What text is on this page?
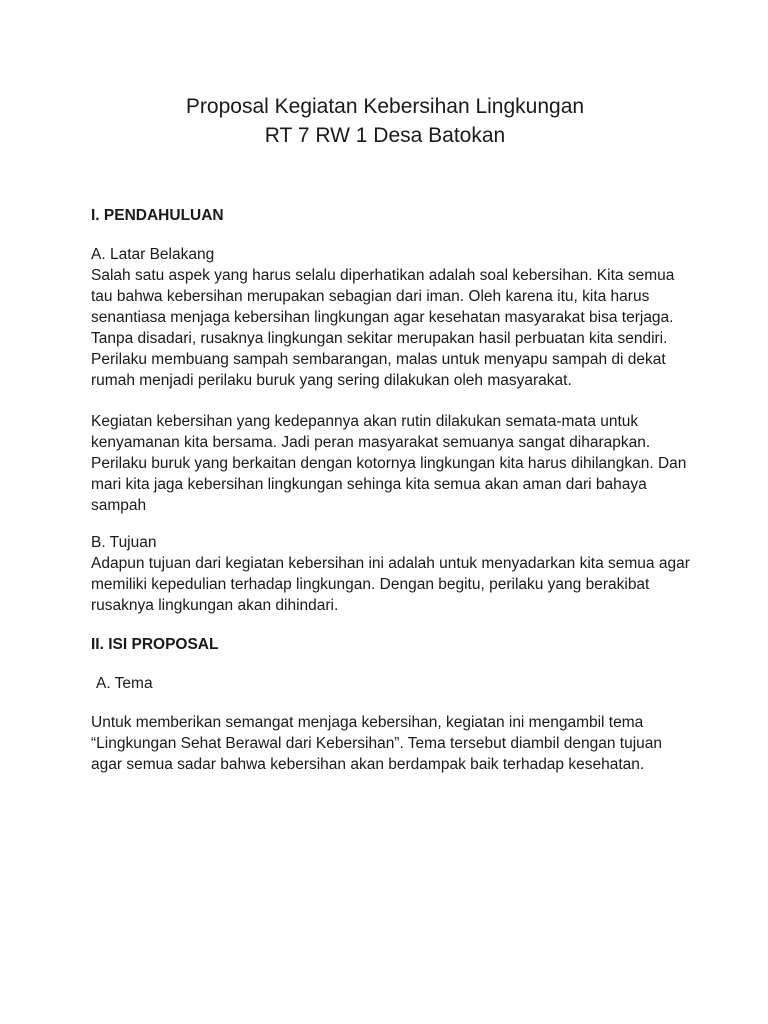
Proposal Kegiatan Kebersihan Lingkungan
RT 7 RW 1 Desa Batokan

I. PENDAHULUAN

A. Latar Belakang

Salah satu aspek yang harus selalu diperhatikan adalah soal kebersihan. Kita semua tau bahwa kebersihan merupakan sebagian dari iman. Oleh karena itu, kita harus senantiasa menjaga kebersihan lingkungan agar kesehatan masyarakat bisa terjaga. Tanpa disadari, rusaknya lingkungan sekitar merupakan hasil perbuatan kita sendiri. Perilaku membuang sampah sembarangan, malas untuk menyapu sampah di dekat rumah menjadi perilaku buruk yang sering dilakukan oleh masyarakat.

Kegiatan kebersihan yang kedepannya akan rutin dilakukan semata-mata untuk kenyamanan kita bersama. Jadi peran masyarakat semuanya sangat diharapkan. Perilaku buruk yang berkaitan dengan kotornya lingkungan kita harus dihilangkan. Dan mari kita jaga kebersihan lingkungan sehinga kita semua akan aman dari bahaya sampah

B. Tujuan

Adapun tujuan dari kegiatan kebersihan ini adalah untuk menyadarkan kita semua agar memiliki kepedulian terhadap lingkungan. Dengan begitu, perilaku yang berakibat rusaknya lingkungan akan dihindari.

II. ISI PROPOSAL

A. Tema

Untuk memberikan semangat menjaga kebersihan, kegiatan ini mengambil tema “Lingkungan Sehat Berawal dari Kebersihan”. Tema tersebut diambil dengan tujuan agar semua sadar bahwa kebersihan akan berdampak baik terhadap kesehatan.
